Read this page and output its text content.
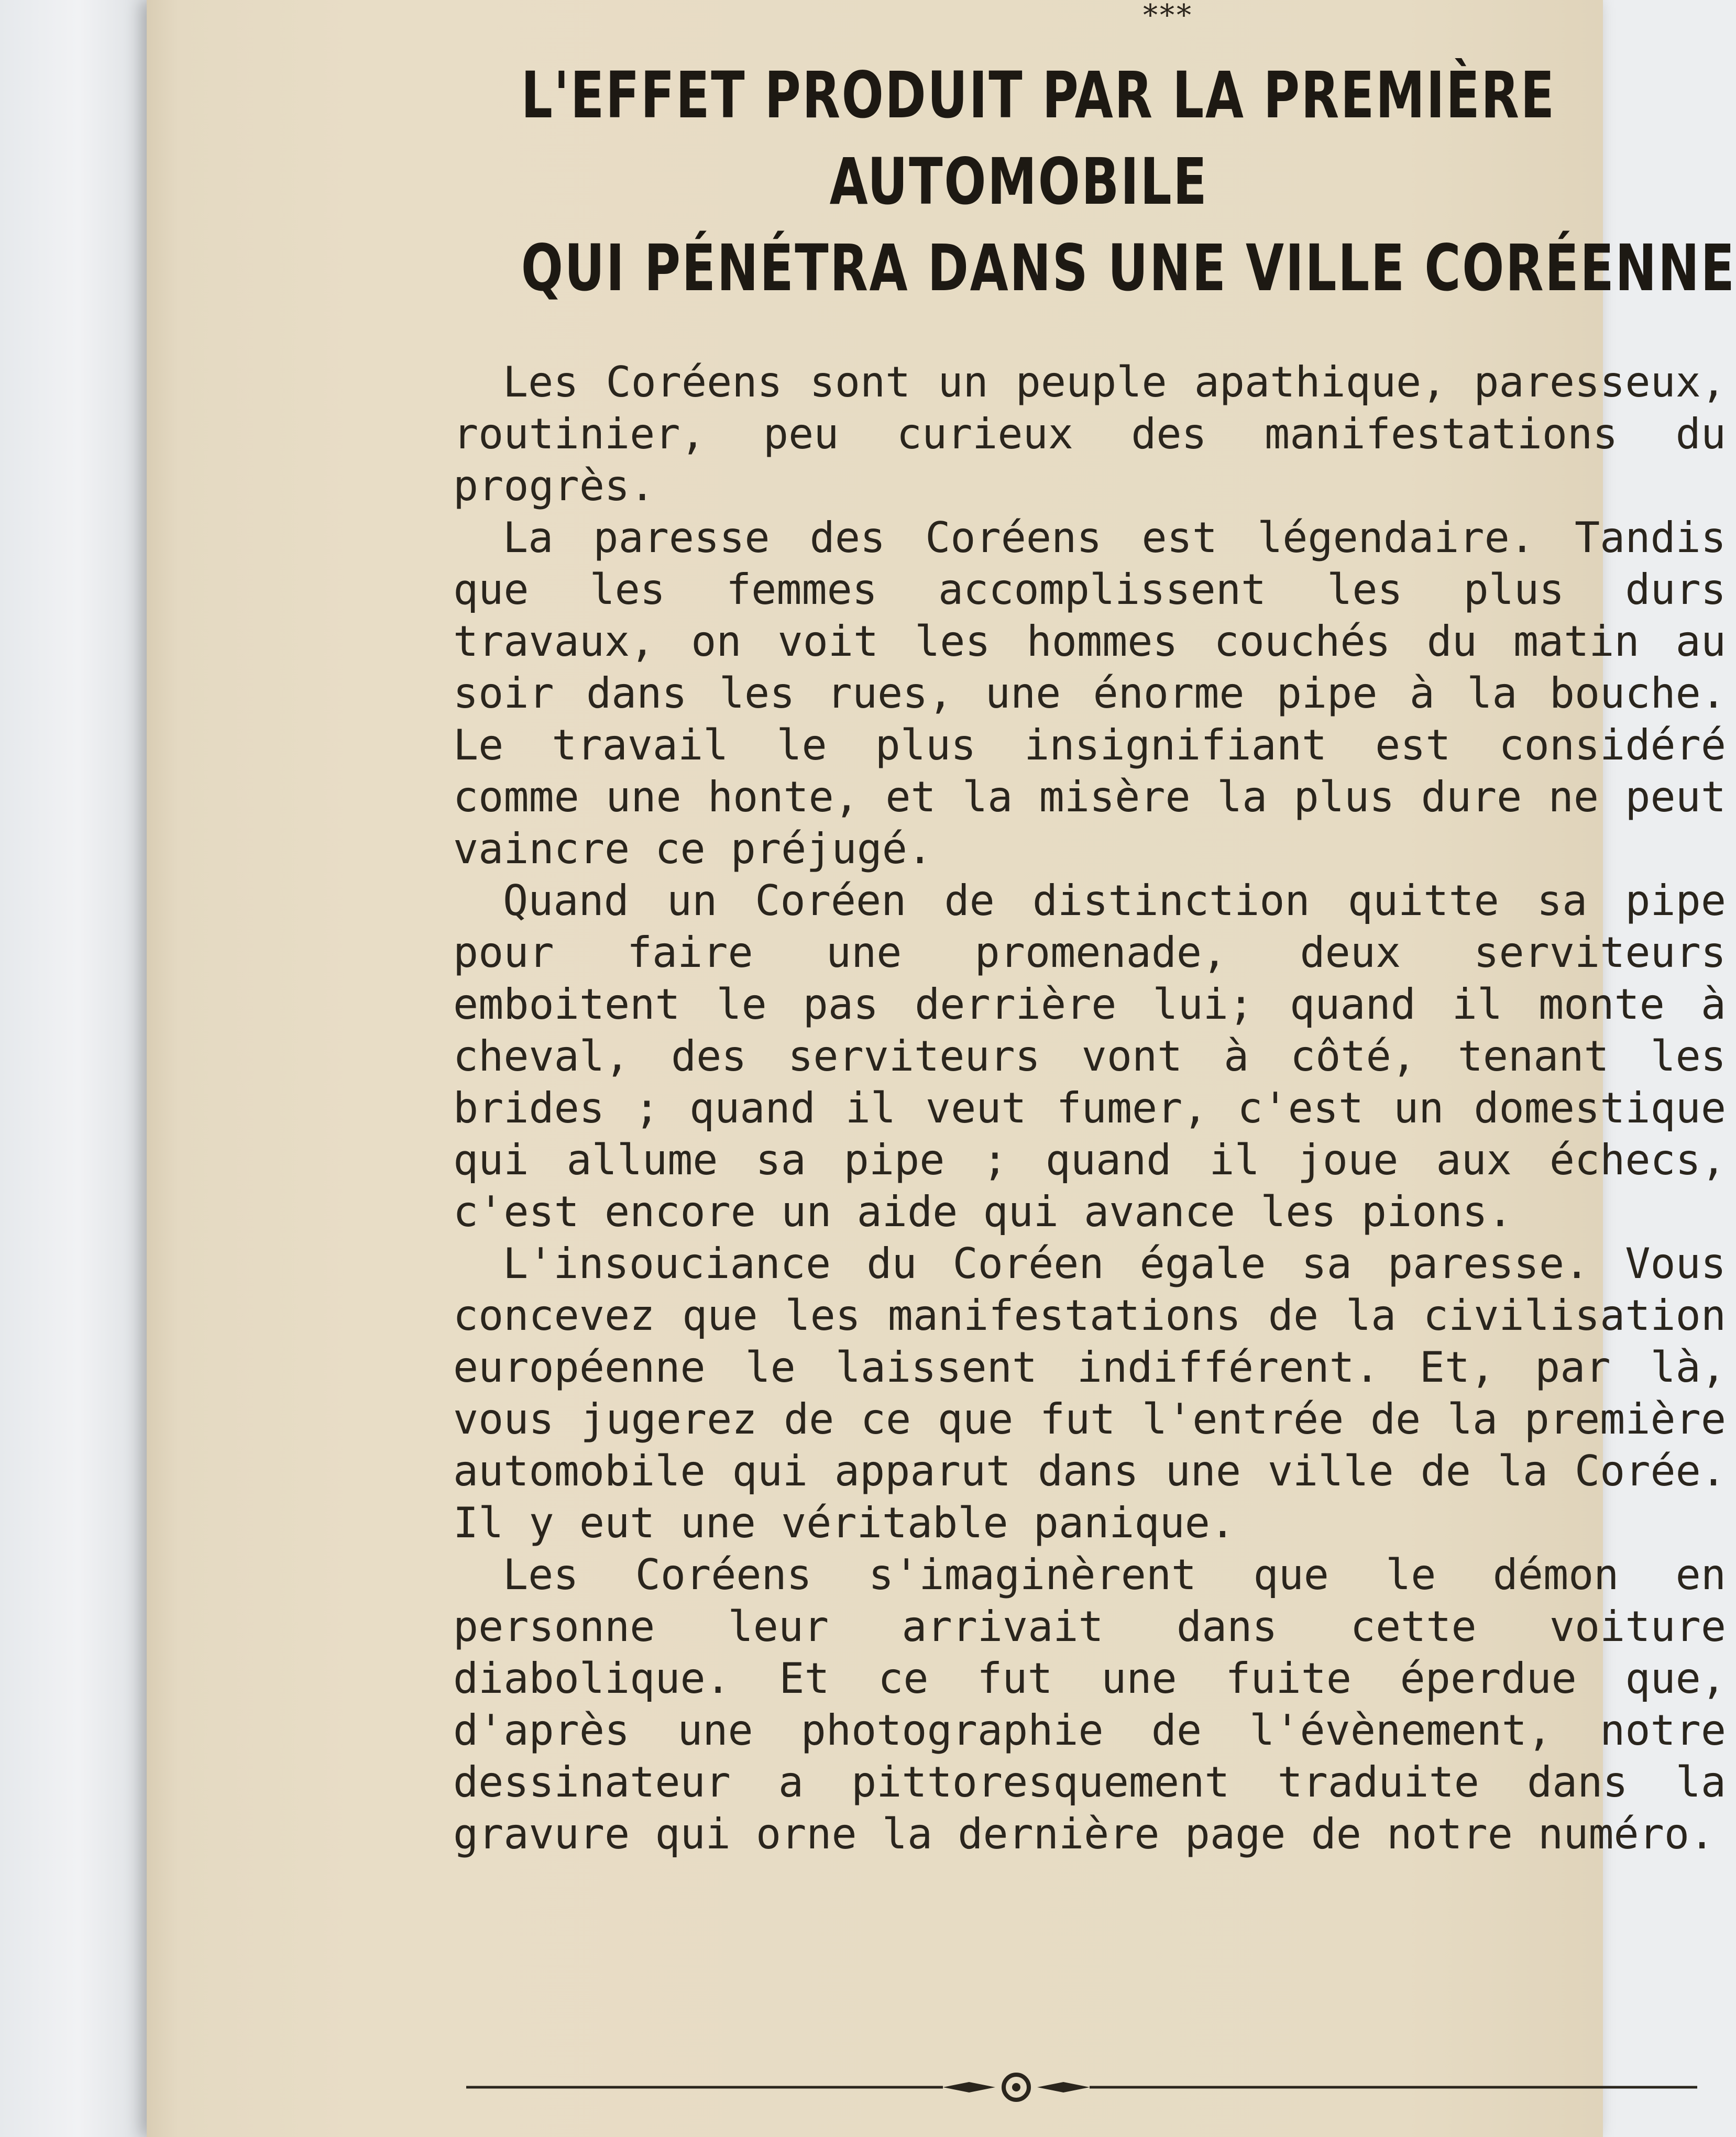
***
L'EFFET PRODUIT PAR LA PREMIÈRE
AUTOMOBILE
QUI PÉNÉTRA DANS UNE VILLE CORÉENNE

Les Coréens sont un peuple apathique, paresseux, routinier, peu curieux des manifestations du progrès.

La paresse des Coréens est légendaire. Tandis que les femmes accomplissent les plus durs travaux, on voit les hommes couchés du matin au soir dans les rues, une énorme pipe à la bouche. Le travail le plus insignifiant est considéré comme une honte, et la misère la plus dure ne peut vaincre ce préjugé.

Quand un Coréen de distinction quitte sa pipe pour faire une promenade, deux serviteurs emboitent le pas derrière lui; quand il monte à cheval, des serviteurs vont à côté, tenant les brides ; quand il veut fumer, c'est un domestique qui allume sa pipe ; quand il joue aux échecs, c'est encore un aide qui avance les pions.

L'insouciance du Coréen égale sa paresse. Vous concevez que les manifestations de la civilisation européenne le laissent indifférent. Et, par là, vous jugerez de ce que fut l'entrée de la première automobile qui apparut dans une ville de la Corée. Il y eut une véritable panique.

Les Coréens s'imaginèrent que le démon en personne leur arrivait dans cette voiture diabolique. Et ce fut une fuite éperdue que, d'après une photographie de l'évènement, notre dessinateur a pittoresquement traduite dans la gravure qui orne la dernière page de notre numéro.
